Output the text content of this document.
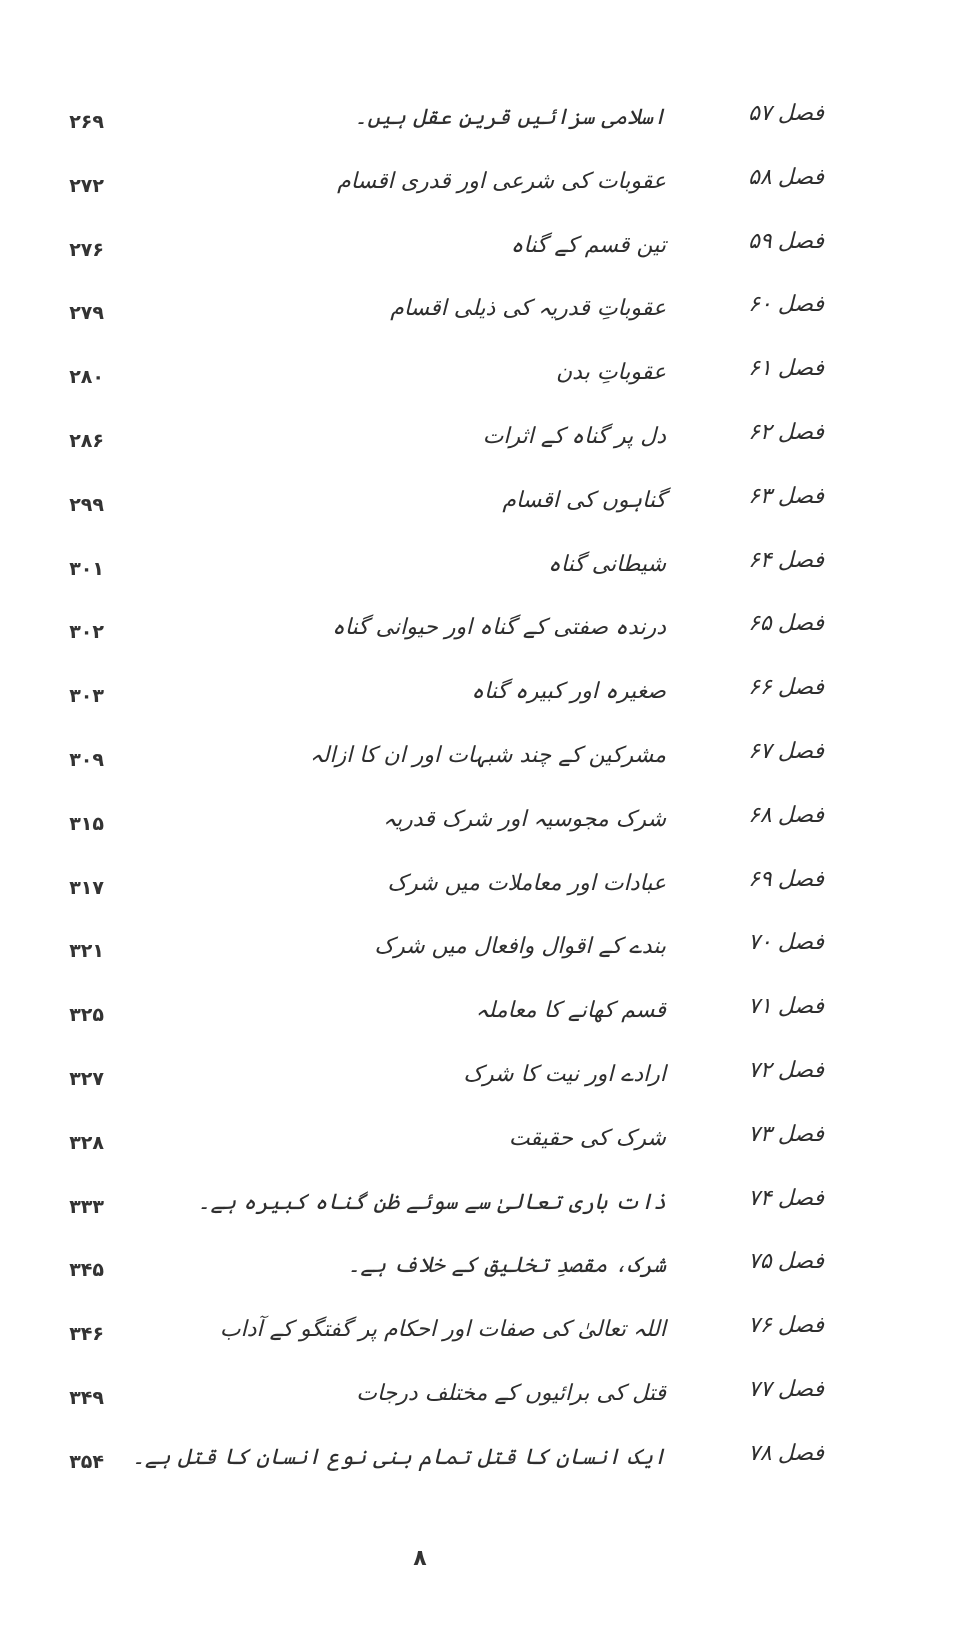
فصل۵۷
اسلامی سزائیں قرینِ عقل ہیں۔
۲۶۹
فصل۵۸
عقوبات کی شرعی اور قدری اقسام
۲۷۲
فصل۵۹
تین قسم کے گناہ
۲۷۶
فصل۶۰
عقوباتِ قدریہ کی ذیلی اقسام
۲۷۹
فصل۶۱
عقوباتِ بدن
۲۸۰
فصل۶۲
دل پر گناہ کے اثرات
۲۸۶
فصل۶۳
گناہوں کی اقسام
۲۹۹
فصل۶۴
شیطانی گناہ
۳۰۱
فصل۶۵
درندہ صفتی کے گناہ اور حیوانی گناہ
۳۰۲
فصل۶۶
صغیرہ اور کبیرہ گناہ
۳۰۳
فصل۶۷
مشرکین کے چند شبہات اور ان کا ازالہ
۳۰۹
فصل۶۸
شرک مجوسیہ اور شرک قدریہ
۳۱۵
فصل۶۹
عبادات اور معاملات میں شرک
۳۱۷
فصل۷۰
بندے کے اقوال وافعال میں شرک
۳۲۱
فصل۷۱
قسم کھانے کا معاملہ
۳۲۵
فصل۷۲
ارادے اور نیت کا شرک
۳۲۷
فصل۷۳
شرک کی حقیقت
۳۲۸
فصل۷۴
ذات باری تعالیٰ سے سوئے ظن گناہ کبیرہ ہے۔
۳۳۳
فصل۷۵
شرک، مقصدِ تخلیق کے خلاف ہے۔
۳۴۵
فصل۷۶
اللہ تعالیٰ کی صفات اور احکام پر گفتگو کے آداب
۳۴۶
فصل۷۷
قتل کی برائیوں کے مختلف درجات
۳۴۹
فصل۷۸
ایک انسان کا قتل تمام بنی نوع انسان کا قتل ہے۔
۳۵۴
۸
